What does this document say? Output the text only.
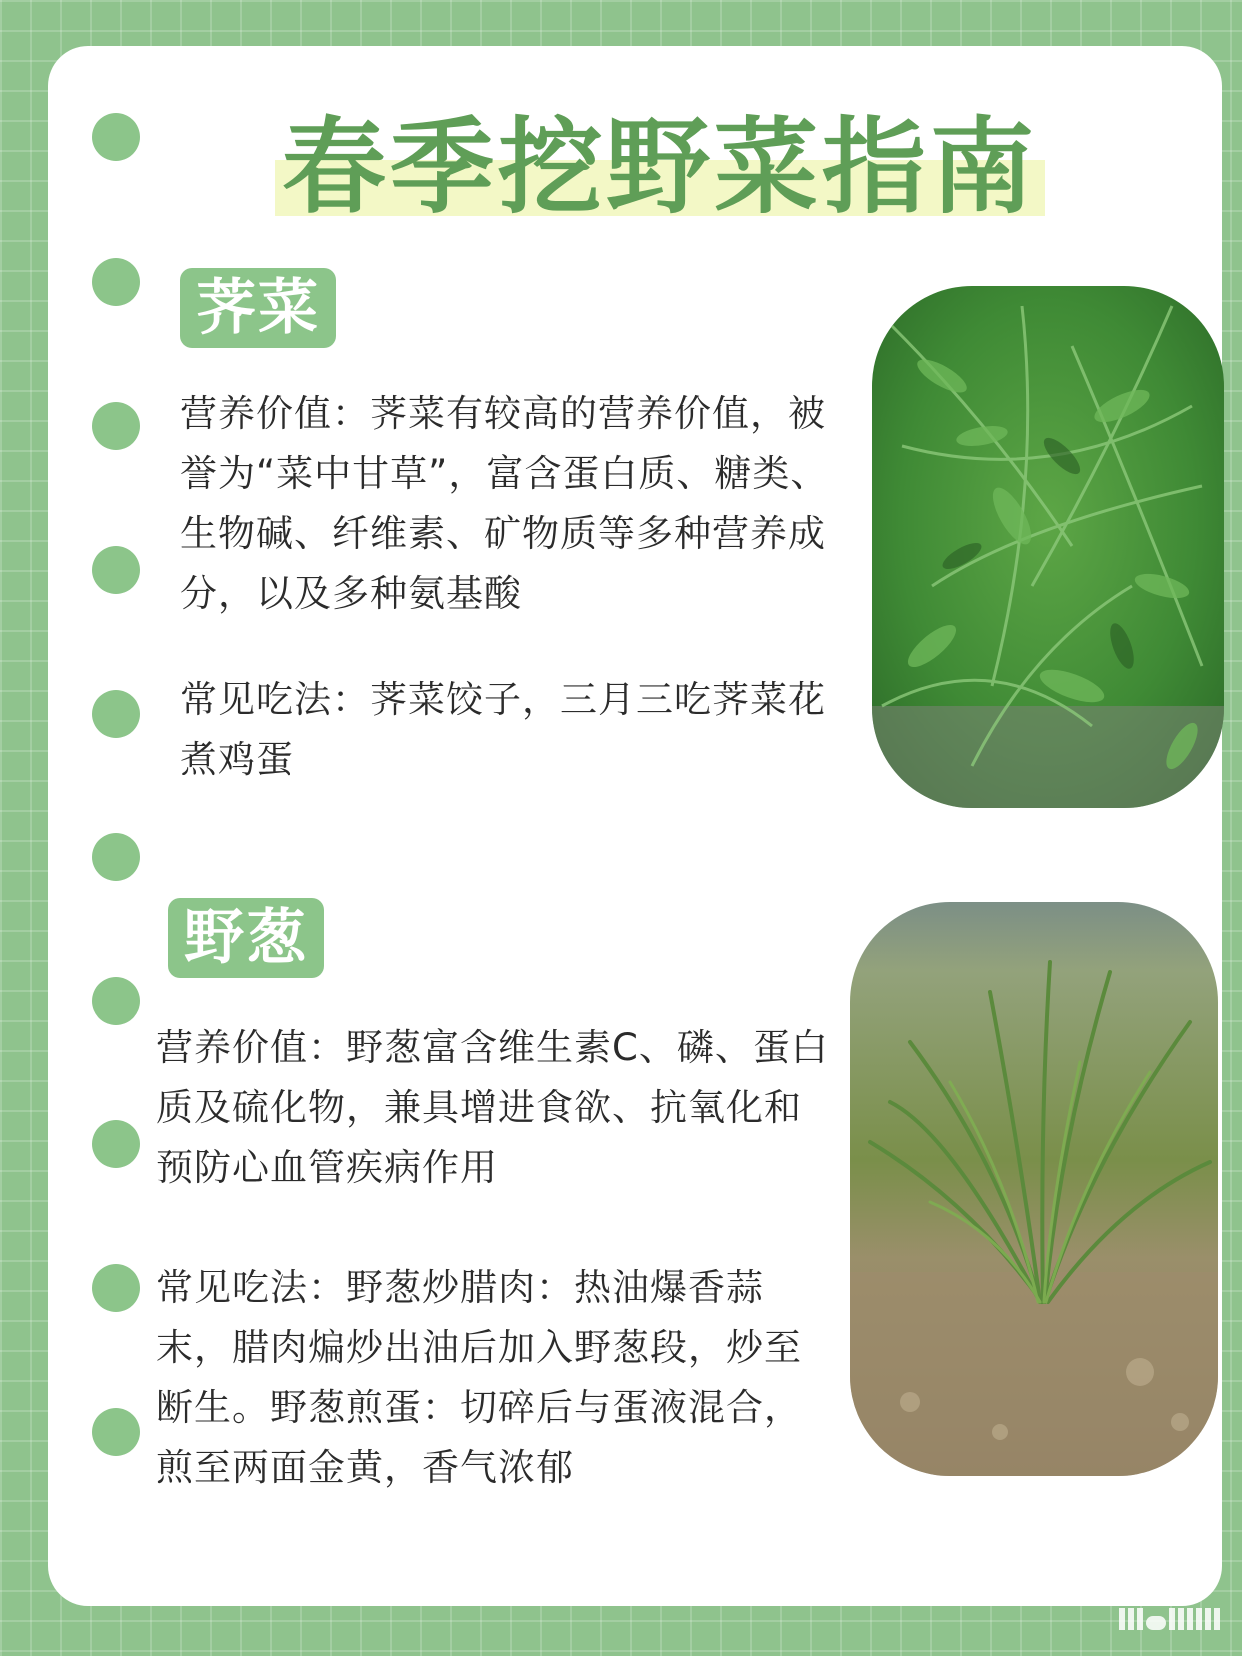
春季挖野菜指南
荠菜
营养价值：荠菜有较高的营养价值，被誉为“菜中甘草”，富含蛋白质、糖类、生物碱、纤维素、矿物质等多种营养成分，以及多种氨基酸
常见吃法：荠菜饺子，三月三吃荠菜花煮鸡蛋
野葱
营养价值：野葱富含维生素C、磷、蛋白质及硫化物，兼具增进食欲、抗氧化和预防心血管疾病作用
常见吃法：野葱炒腊肉：热油爆香蒜末，腊肉煸炒出油后加入野葱段，炒至断生。野葱煎蛋：切碎后与蛋液混合，煎至两面金黄，香气浓郁
